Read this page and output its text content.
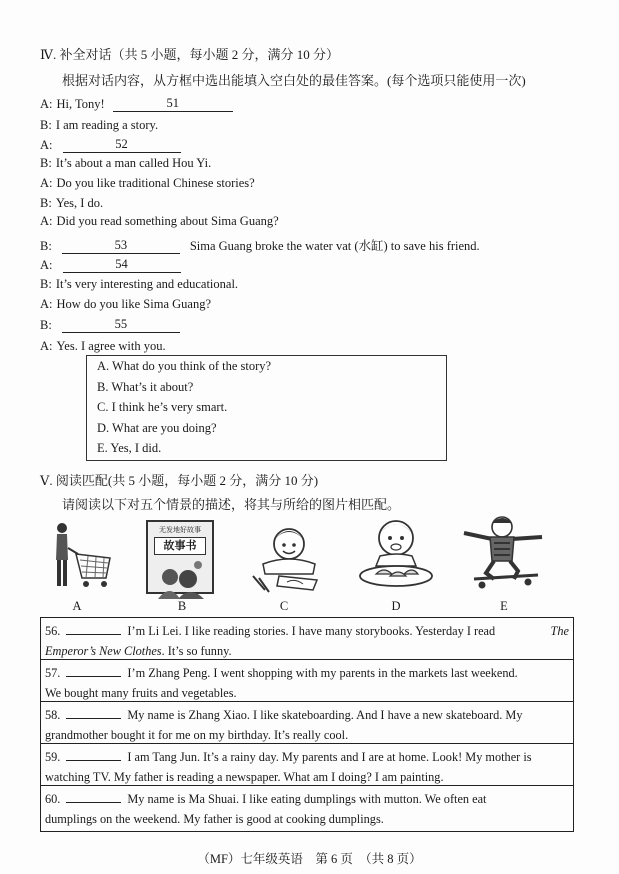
Ⅳ. 补全对话（共 5 小题，每小题 2 分，满分 10 分）
根据对话内容，从方框中选出能填入空白处的最佳答案。(每个选项只能使用一次)
A: Hi, Tony!	51
B: I am reading a story.
A:	52
B: It’s about a man called Hou Yi.
A: Do you like traditional Chinese stories?
B: Yes, I do.
A: Did you read something about Sima Guang?
B:	53	Sima Guang broke the water vat (水缸) to save his friend.
A:	54
B: It’s very interesting and educational.
A: How do you like Sima Guang?
B:	55
A: Yes. I agree with you.
A. What do you think of the story?
B. What’s it about?
C. I think he’s very smart.
D. What are you doing?
E. Yes, I did.
Ⅴ. 阅读匹配(共 5 小题，每小题 2 分，满分 10 分)
请阅读以下对五个情景的描述，将其与所给的图片相匹配。
A
无发地好故事
故事书
B	C	D	E
56.	I’m Li Lei. I like reading stories. I have many storybooks. Yesterday I read	The
Emperor’s New Clothes. It’s so funny.
57.	I’m Zhang Peng. I went shopping with my parents in the markets last weekend.
We bought many fruits and vegetables.
58.	My name is Zhang Xiao. I like skateboarding. And I have a new skateboard. My
grandmother bought it for me on my birthday. It’s really cool.
59.	I am Tang Jun. It’s a rainy day. My parents and I are at home. Look! My mother is
watching TV. My father is reading a newspaper. What am I doing? I am painting.
60.	My name is Ma Shuai. I like eating dumplings with mutton. We often eat
dumplings on the weekend. My father is good at cooking dumplings.
（MF）七年级英语　第 6 页　（共 8 页）
